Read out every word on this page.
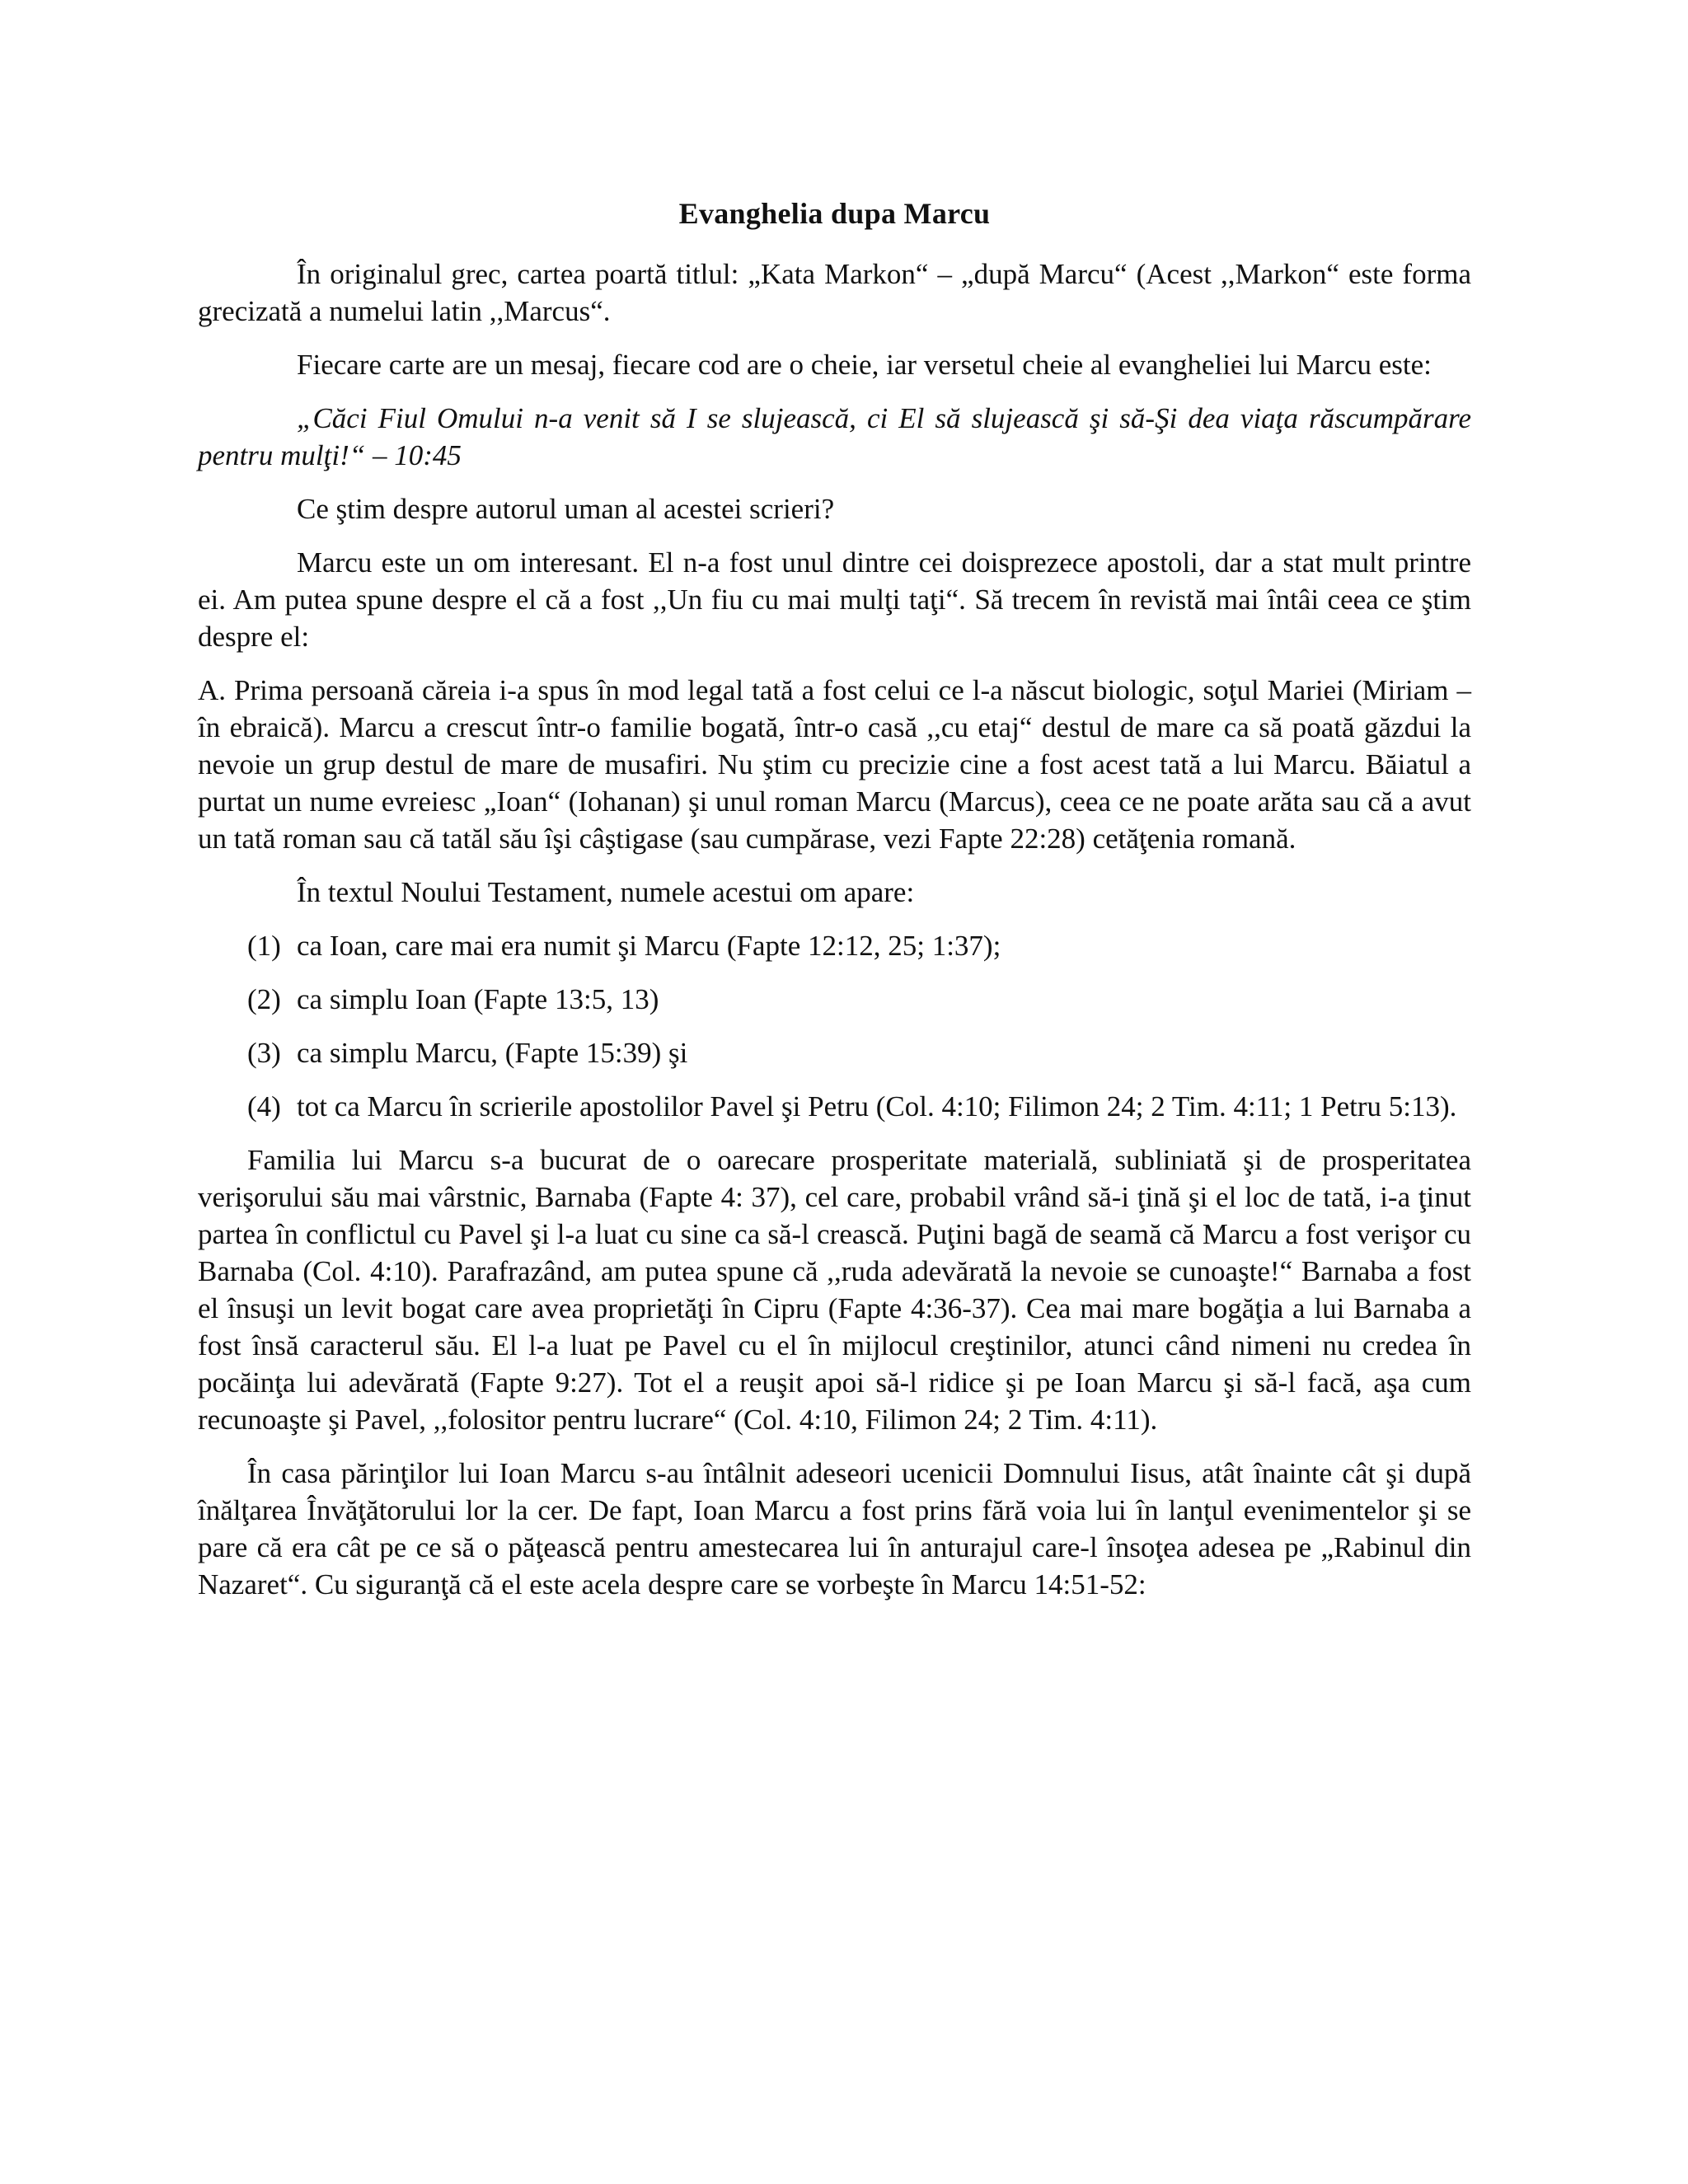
Evanghelia dupa Marcu

În originalul grec, cartea poartă titlul: „Kata Markon“ – „după Marcu“ (Acest ,,Markon“ este forma grecizată a numelui latin ,,Marcus“.

Fiecare carte are un mesaj, fiecare cod are o cheie, iar versetul cheie al evangheliei lui Marcu este:

„Căci Fiul Omului n-a venit să I se slujească, ci El să slujească şi să-Şi dea viaţa răscumpărare pentru mulţi!“ – 10:45

Ce ştim despre autorul uman al acestei scrieri?

Marcu este un om interesant. El n-a fost unul dintre cei doisprezece apostoli, dar a stat mult printre ei. Am putea spune despre el că a fost ,,Un fiu cu mai mulţi taţi“. Să trecem în revistă mai întâi ceea ce ştim despre el:

A. Prima persoană căreia i-a spus în mod legal tată a fost celui ce l-a născut biologic, soţul Mariei (Miriam – în ebraică). Marcu a crescut într-o familie bogată, într-o casă ,,cu etaj“ destul de mare ca să poată găzdui la nevoie un grup destul de mare de musafiri. Nu ştim cu precizie cine a fost acest tată a lui Marcu. Băiatul a purtat un nume evreiesc „Ioan“ (Iohanan) şi unul roman Marcu (Marcus), ceea ce ne poate arăta sau că a avut un tată roman sau că tatăl său îşi câştigase (sau cumpărase, vezi Fapte 22:28) cetăţenia romană.

În textul Noului Testament, numele acestui om apare:

(1) ca Ioan, care mai era numit şi Marcu (Fapte 12:12, 25; 1:37);
(2) ca simplu Ioan (Fapte 13:5, 13)
(3) ca simplu Marcu, (Fapte 15:39) şi
(4) tot ca Marcu în scrierile apostolilor Pavel şi Petru (Col. 4:10; Filimon 24; 2 Tim. 4:11; 1 Petru 5:13).

Familia lui Marcu s-a bucurat de o oarecare prosperitate materială, subliniată şi de prosperitatea verişorului său mai vârstnic, Barnaba (Fapte 4: 37), cel care, probabil vrând să-i ţină şi el loc de tată, i-a ţinut partea în conflictul cu Pavel şi l-a luat cu sine ca să-l crească. Puţini bagă de seamă că Marcu a fost verişor cu Barnaba (Col. 4:10). Parafrazând, am putea spune că ,,ruda adevărată la nevoie se cunoaşte!“ Barnaba a fost el însuşi un levit bogat care avea proprietăţi în Cipru (Fapte 4:36-37). Cea mai mare bogăţia a lui Barnaba a fost însă caracterul său. El l-a luat pe Pavel cu el în mijlocul creştinilor, atunci când nimeni nu credea în pocăinţa lui adevărată (Fapte 9:27). Tot el a reuşit apoi să-l ridice şi pe Ioan Marcu şi să-l facă, aşa cum recunoaşte şi Pavel, ,,folositor pentru lucrare“ (Col. 4:10, Filimon 24; 2 Tim. 4:11).

În casa părinţilor lui Ioan Marcu s-au întâlnit adeseori ucenicii Domnului Iisus, atât înainte cât şi după înălţarea Învăţătorului lor la cer. De fapt, Ioan Marcu a fost prins fără voia lui în lanţul evenimentelor şi se pare că era cât pe ce să o păţească pentru amestecarea lui în anturajul care-l însoţea adesea pe „Rabinul din Nazaret“. Cu siguranţă că el este acela despre care se vorbeşte în Marcu 14:51-52:
